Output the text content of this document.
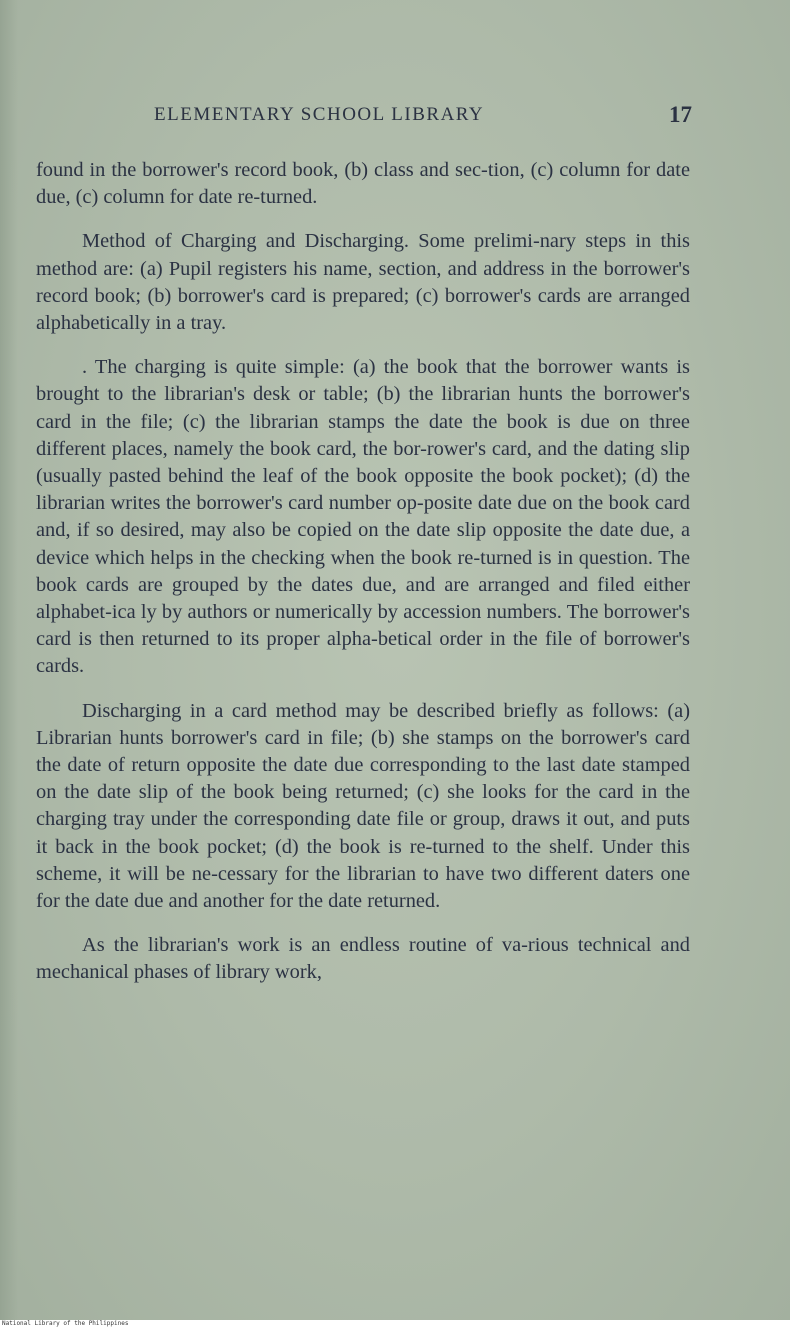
ELEMENTARY SCHOOL LIBRARY	17

found in the borrower's record book, (b) class and sec-tion, (c) column for date due, (c) column for date re-turned.

Method of Charging and Discharging. Some prelimi-nary steps in this method are: (a) Pupil registers his name, section, and address in the borrower's record book; (b) borrower's card is prepared; (c) borrower's cards are arranged alphabetically in a tray.

. The charging is quite simple: (a) the book that the borrower wants is brought to the librarian's desk or table; (b) the librarian hunts the borrower's card in the file; (c) the librarian stamps the date the book is due on three different places, namely the book card, the bor-rower's card, and the dating slip (usually pasted behind the leaf of the book opposite the book pocket); (d) the librarian writes the borrower's card number op-posite date due on the book card and, if so desired, may also be copied on the date slip opposite the date due, a device which helps in the checking when the book re-turned is in question. The book cards are grouped by the dates due, and are arranged and filed either alphabet-ica ly by authors or numerically by accession numbers. The borrower's card is then returned to its proper alpha-betical order in the file of borrower's cards.

Discharging in a card method may be described briefly as follows: (a) Librarian hunts borrower's card in file; (b) she stamps on the borrower's card the date of return opposite the date due corresponding to the last date stamped on the date slip of the book being returned; (c) she looks for the card in the charging tray under the corresponding date file or group, draws it out, and puts it back in the book pocket; (d) the book is re-turned to the shelf. Under this scheme, it will be ne-cessary for the librarian to have two different daters one for the date due and another for the date returned.

As the librarian's work is an endless routine of va-rious technical and mechanical phases of library work,

National Library of the Philippines
